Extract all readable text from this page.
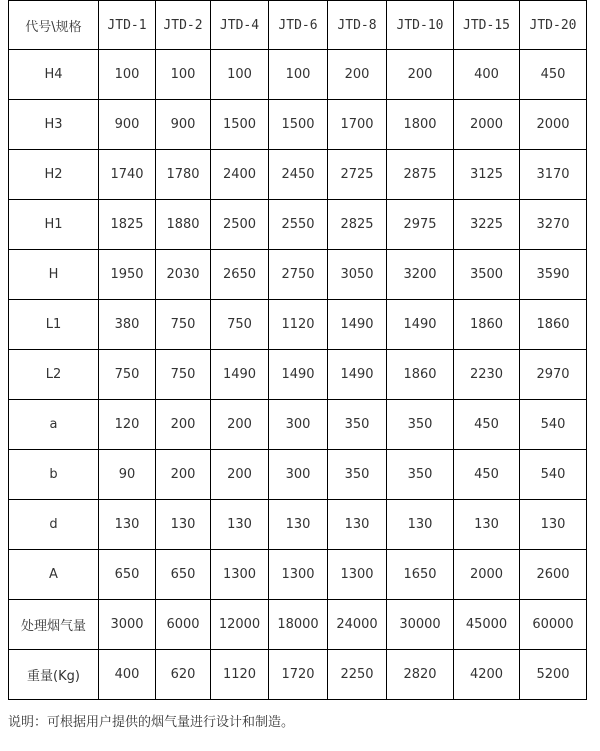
代号\规格	JTD-1	JTD-2	JTD-4	JTD-6	JTD-8	JTD-10	JTD-15	JTD-20
H4	100	100	100	100	200	200	400	450
H3	900	900	1500	1500	1700	1800	2000	2000
H2	1740	1780	2400	2450	2725	2875	3125	3170
H1	1825	1880	2500	2550	2825	2975	3225	3270
H	1950	2030	2650	2750	3050	3200	3500	3590
L1	380	750	750	1120	1490	1490	1860	1860
L2	750	750	1490	1490	1490	1860	2230	2970
a	120	200	200	300	350	350	450	540
b	90	200	200	300	350	350	450	540
d	130	130	130	130	130	130	130	130
A	650	650	1300	1300	1300	1650	2000	2600
处理烟气量	3000	6000	12000	18000	24000	30000	45000	60000
重量(Kg)	400	620	1120	1720	2250	2820	4200	5200
说明：可根据用户提供的烟气量进行设计和制造。
